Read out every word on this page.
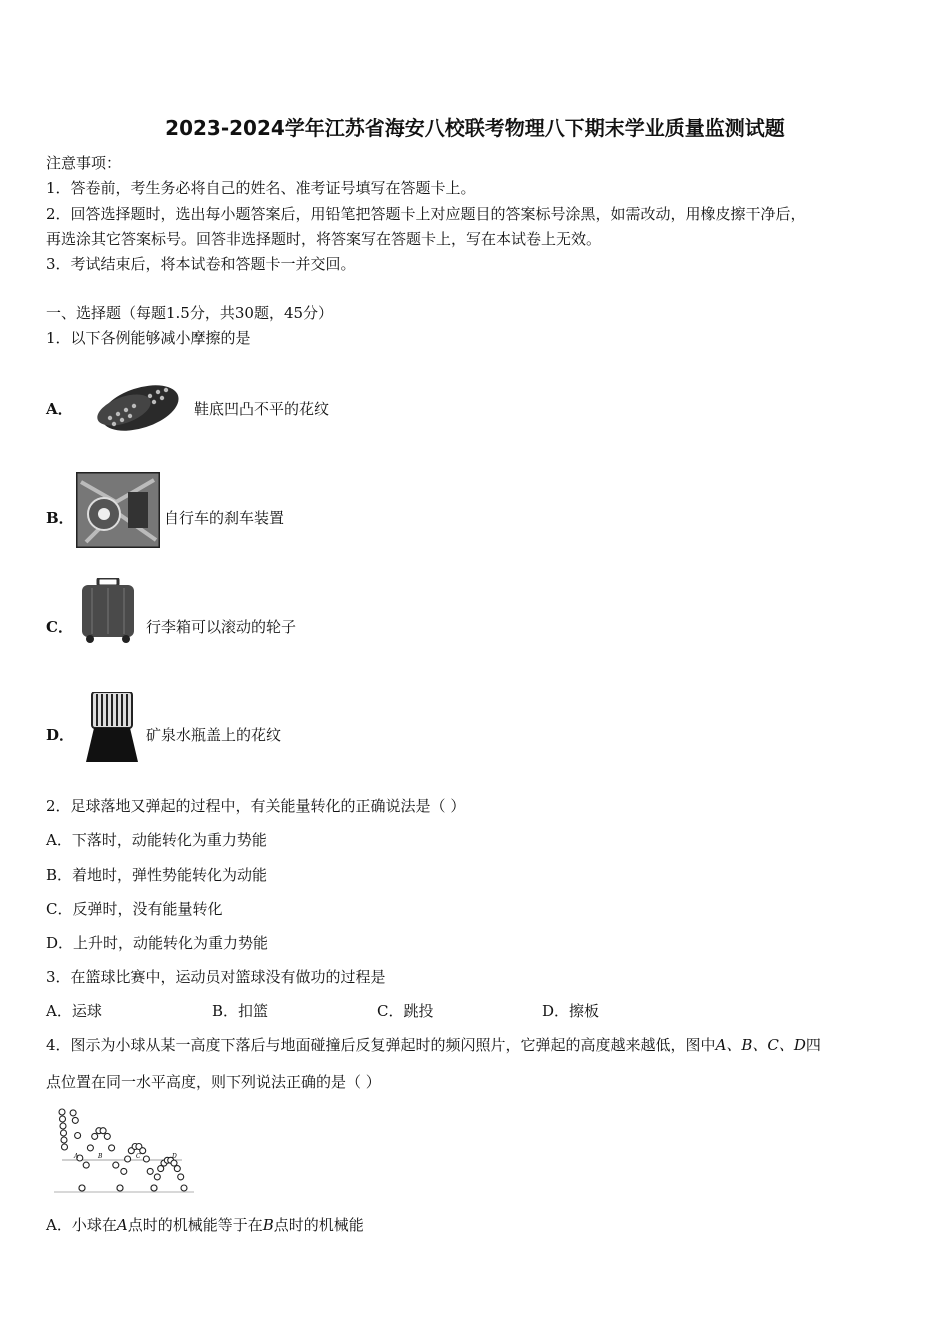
2023-2024学年江苏省海安八校联考物理八下期末学业质量监测试题
注意事项：
1．答卷前，考生务必将自己的姓名、准考证号填写在答题卡上。
2．回答选择题时，选出每小题答案后，用铅笔把答题卡上对应题目的答案标号涂黑，如需改动，用橡皮擦干净后，
再选涂其它答案标号。回答非选择题时，将答案写在答题卡上，写在本试卷上无效。
3．考试结束后，将本试卷和答题卡一并交回。
一、选择题（每题1.5分，共30题，45分）
1．以下各例能够减小摩擦的是
A．	鞋底凹凸不平的花纹
B．	自行车的刹车装置
C．	行李箱可以滚动的轮子
D．	矿泉水瓶盖上的花纹
2．足球落地又弹起的过程中，有关能量转化的正确说法是（ ）
A．下落时，动能转化为重力势能
B．着地时，弹性势能转化为动能
C．反弹时，没有能量转化
D．上升时，动能转化为重力势能
3．在篮球比赛中，运动员对篮球没有做功的过程是
A．运球	B．扣篮	C．跳投	D．擦板
4．图示为小球从某一高度下落后与地面碰撞后反复弹起时的频闪照片，它弹起的高度越来越低，图中A、B、C、D四
点位置在同一水平高度，则下列说法正确的是（ ）
A	B	C	D
A．小球在A点时的机械能等于在B点时的机械能
